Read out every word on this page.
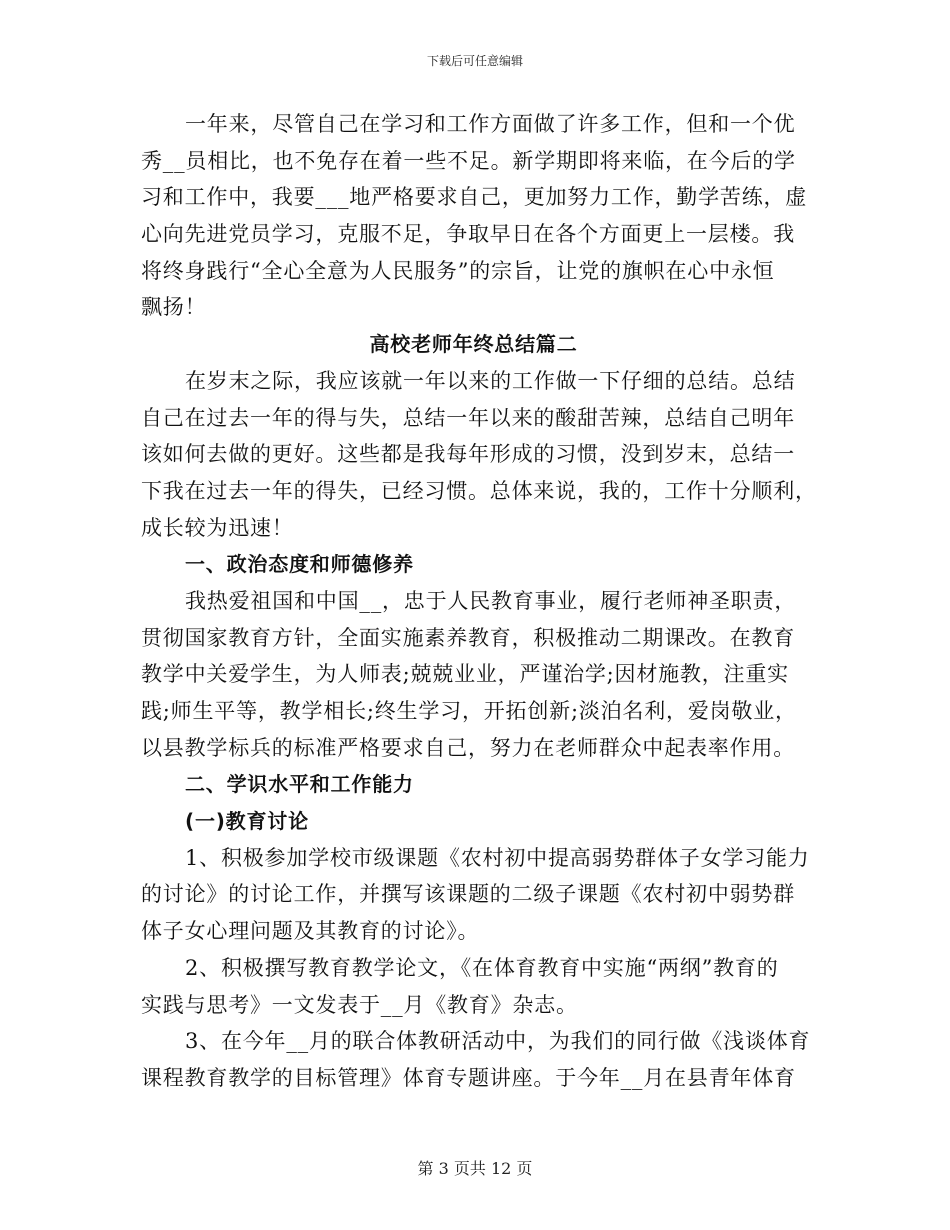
下载后可任意编辑
一年来，尽管自己在学习和工作方面做了许多工作，但和一个优
秀__员相比，也不免存在着一些不足。新学期即将来临，在今后的学
习和工作中，我要___地严格要求自己，更加努力工作，勤学苦练，虚
心向先进党员学习，克服不足，争取早日在各个方面更上一层楼。我
将终身践行“全心全意为人民服务”的宗旨，让党的旗帜在心中永恒
飘扬！
高校老师年终总结篇二
在岁末之际，我应该就一年以来的工作做一下仔细的总结。总结
自己在过去一年的得与失，总结一年以来的酸甜苦辣，总结自己明年
该如何去做的更好。这些都是我每年形成的习惯，没到岁末，总结一
下我在过去一年的得失，已经习惯。总体来说，我的，工作十分顺利，
成长较为迅速！
一、政治态度和师德修养
我热爱祖国和中国__，忠于人民教育事业，履行老师神圣职责，
贯彻国家教育方针，全面实施素养教育，积极推动二期课改。在教育
教学中关爱学生，为人师表;兢兢业业，严谨治学;因材施教，注重实
践;师生平等，教学相长;终生学习，开拓创新;淡泊名利，爱岗敬业，
以县教学标兵的标准严格要求自己，努力在老师群众中起表率作用。
二、学识水平和工作能力
(一)教育讨论
1、积极参加学校市级课题《农村初中提高弱势群体子女学习能力
的讨论》的讨论工作，并撰写该课题的二级子课题《农村初中弱势群
体子女心理问题及其教育的讨论》。
2、积极撰写教育教学论文，《在体育教育中实施“两纲”教育的
实践与思考》一文发表于__月《教育》杂志。
3、在今年__月的联合体教研活动中，为我们的同行做《浅谈体育
课程教育教学的目标管理》体育专题讲座。于今年__月在县青年体育
第 3 页共 12 页
